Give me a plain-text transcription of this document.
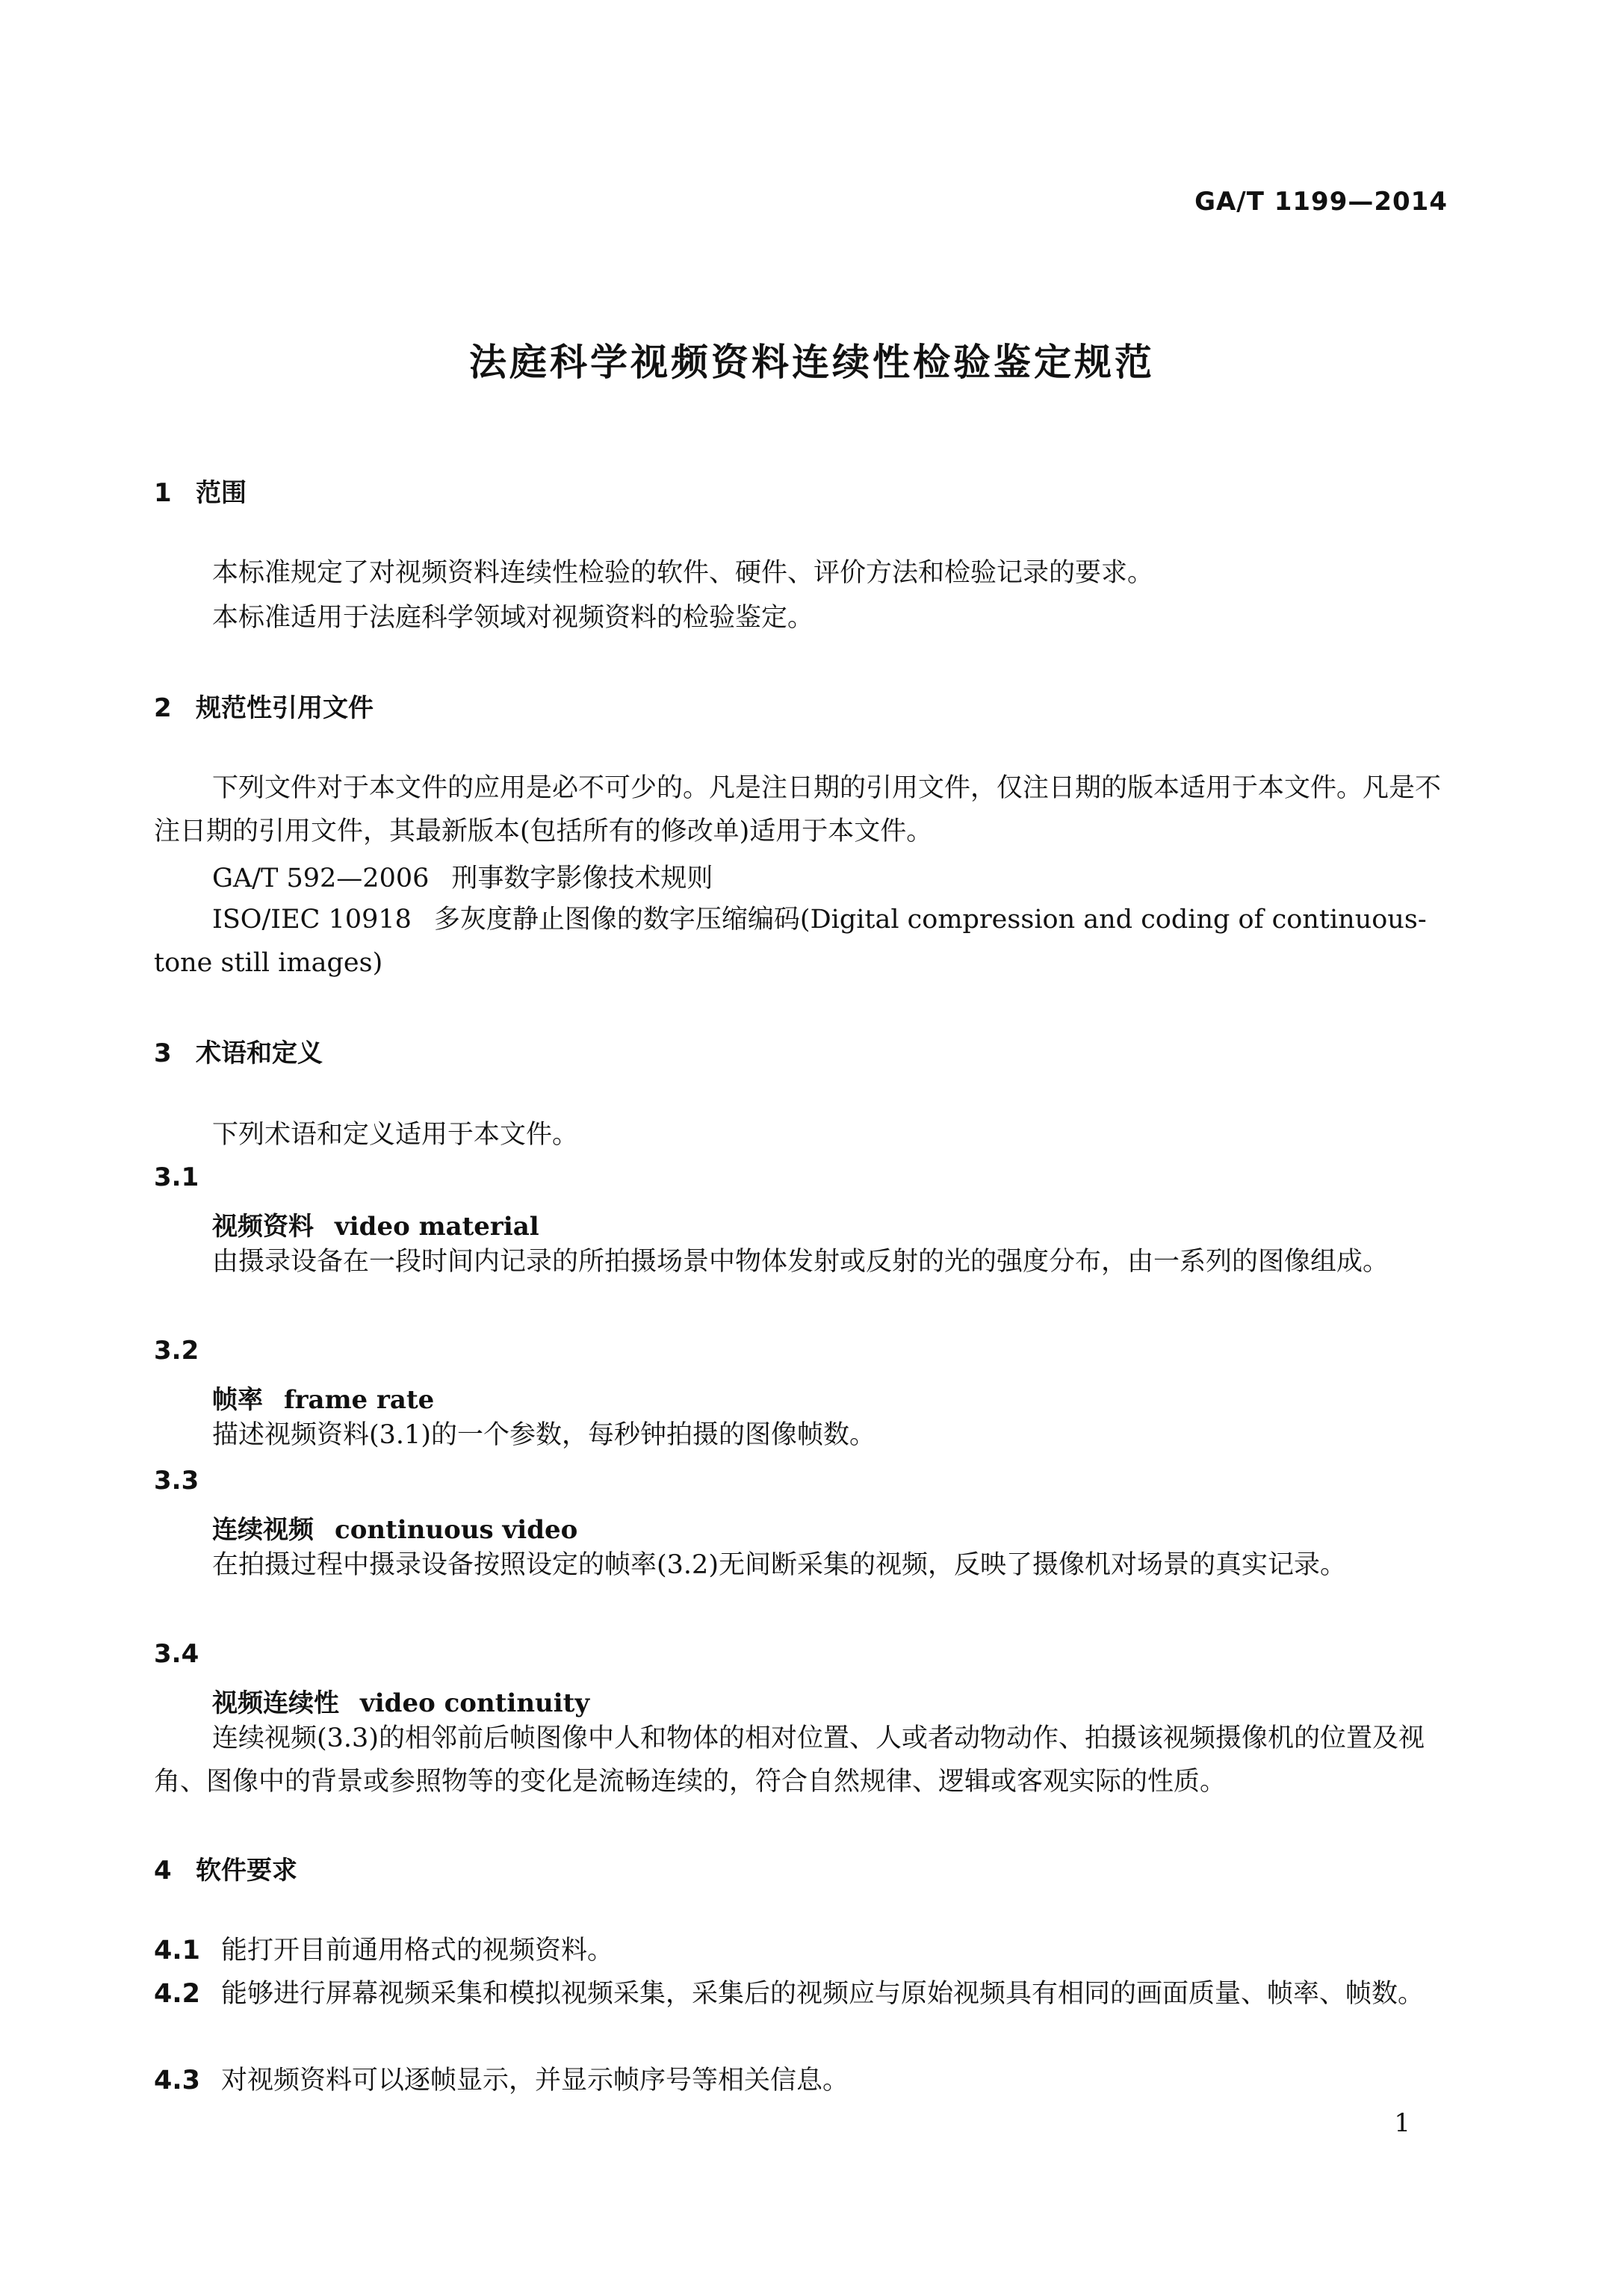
GA/T 1199—2014
法庭科学视频资料连续性检验鉴定规范
1 范围
本标准规定了对视频资料连续性检验的软件、硬件、评价方法和检验记录的要求。
本标准适用于法庭科学领域对视频资料的检验鉴定。
2 规范性引用文件
下列文件对于本文件的应用是必不可少的。凡是注日期的引用文件，仅注日期的版本适用于本文件。凡是不注日期的引用文件，其最新版本(包括所有的修改单)适用于本文件。
GA/T 592—2006 刑事数字影像技术规则
ISO/IEC 10918 多灰度静止图像的数字压缩编码(Digital compression and coding of continuous-tone still images)
3 术语和定义
下列术语和定义适用于本文件。
3.1
视频资料 video material
由摄录设备在一段时间内记录的所拍摄场景中物体发射或反射的光的强度分布，由一系列的图像组成。
3.2
帧率 frame rate
描述视频资料(3.1)的一个参数，每秒钟拍摄的图像帧数。
3.3
连续视频 continuous video
在拍摄过程中摄录设备按照设定的帧率(3.2)无间断采集的视频，反映了摄像机对场景的真实记录。
3.4
视频连续性 video continuity
连续视频(3.3)的相邻前后帧图像中人和物体的相对位置、人或者动物动作、拍摄该视频摄像机的位置及视角、图像中的背景或参照物等的变化是流畅连续的，符合自然规律、逻辑或客观实际的性质。
4 软件要求
4.1 能打开目前通用格式的视频资料。
4.2 能够进行屏幕视频采集和模拟视频采集，采集后的视频应与原始视频具有相同的画面质量、帧率、帧数。
4.3 对视频资料可以逐帧显示，并显示帧序号等相关信息。
1
